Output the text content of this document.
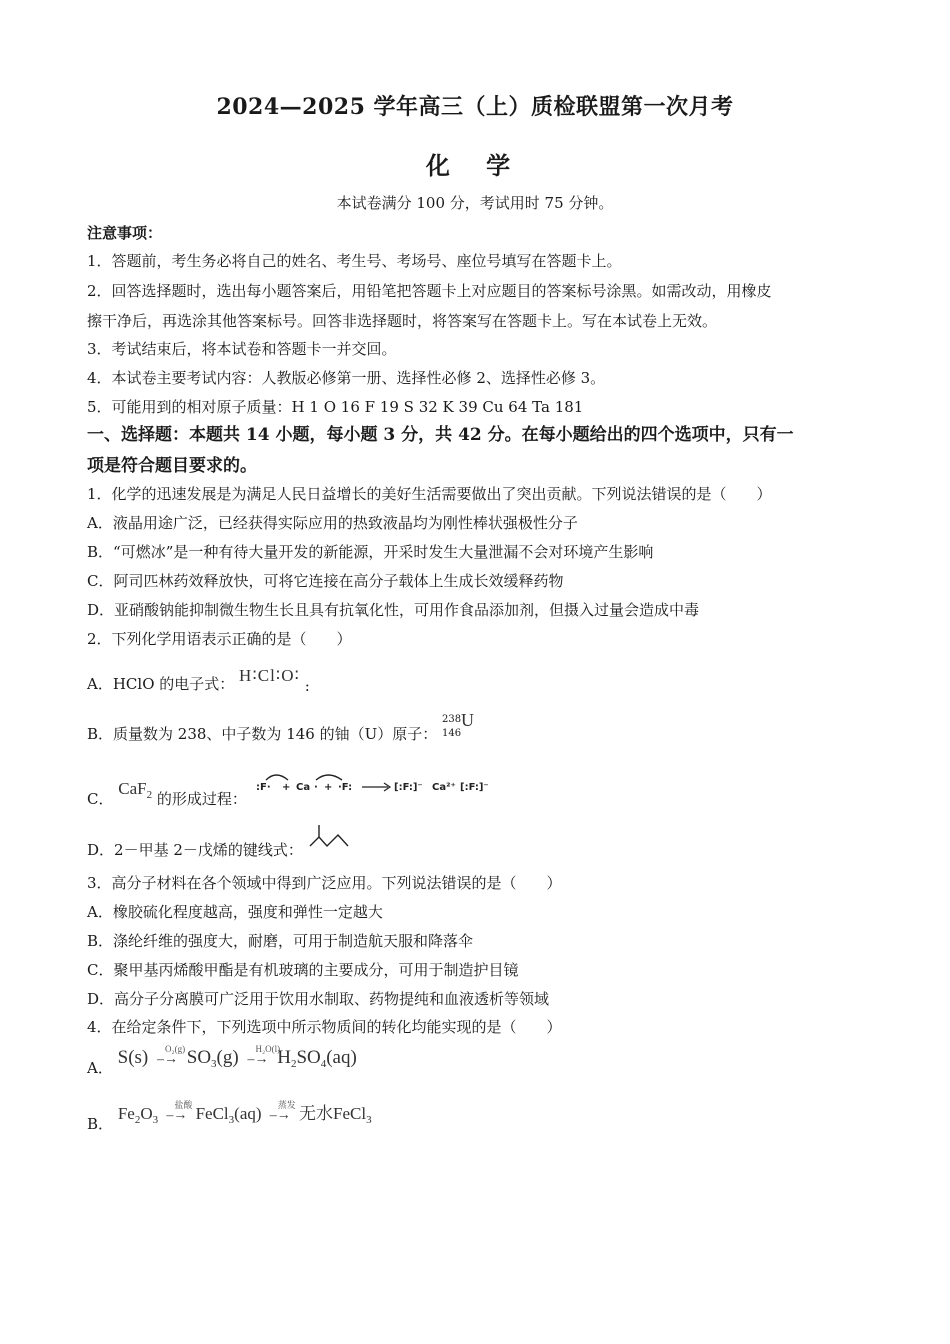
2024—2025 学年高三（上）质检联盟第一次月考
化 学
本试卷满分 100 分，考试用时 75 分钟。
注意事项：
1．答题前，考生务必将自己的姓名、考生号、考场号、座位号填写在答题卡上。
2．回答选择题时，选出每小题答案后，用铅笔把答题卡上对应题目的答案标号涂黑。如需改动，用橡皮
擦干净后，再选涂其他答案标号。回答非选择题时，将答案写在答题卡上。写在本试卷上无效。
3．考试结束后，将本试卷和答题卡一并交回。
4．本试卷主要考试内容：人教版必修第一册、选择性必修 2、选择性必修 3。
5．可能用到的相对原子质量：H 1 O 16 F 19 S 32 K 39 Cu 64 Ta 181
一、选择题：本题共 14 小题，每小题 3 分，共 42 分。在每小题给出的四个选项中，只有一
项是符合题目要求的。
1．化学的迅速发展是为满足人民日益增长的美好生活需要做出了突出贡献。下列说法错误的是（　　）
A．液晶用途广泛，已经获得实际应用的热致液晶均为刚性棒状强极性分子
B．“可燃冰”是一种有待大量开发的新能源，开采时发生大量泄漏不会对环境产生影响
C．阿司匹林药效释放快，可将它连接在高分子载体上生成长效缓释药物
D．亚硝酸钠能抑制微生物生长且具有抗氧化性，可用作食品添加剂，但摄入过量会造成中毒
2．下列化学用语表示正确的是（　　）
A．HClO 的电子式： H∶Cl∶O∶ :
B．质量数为 238、中子数为 146 的铀（U）原子：
238
146
U
C． CaF$_2$ 的形成过程：
:F· + Ca · + ·F:	[:F:]⁻ Ca²⁺ [:F:]⁻
D．2－甲基 2－戊烯的键线式：
3．高分子材料在各个领域中得到广泛应用。下列说法错误的是（　　）
A．橡胶硫化程度越高，强度和弹性一定越大
B．涤纶纤维的强度大，耐磨，可用于制造航天服和降落伞
C．聚甲基丙烯酸甲酯是有机玻璃的主要成分，可用于制造护目镜
D．高分子分离膜可广泛用于饮用水制取、药物提纯和血液透析等领域
4．在给定条件下，下列选项中所示物质间的转化均能实现的是（　　）
A． S(s) O₂(g)
–→ $SO_3(g)$ H₂O(l)
–→ $H_2SO_4(aq)$
B． $Fe_2O_3$
盐酸
–→ FeCl$_3$(aq) 蒸发
–→ 无水FeCl$_3$
